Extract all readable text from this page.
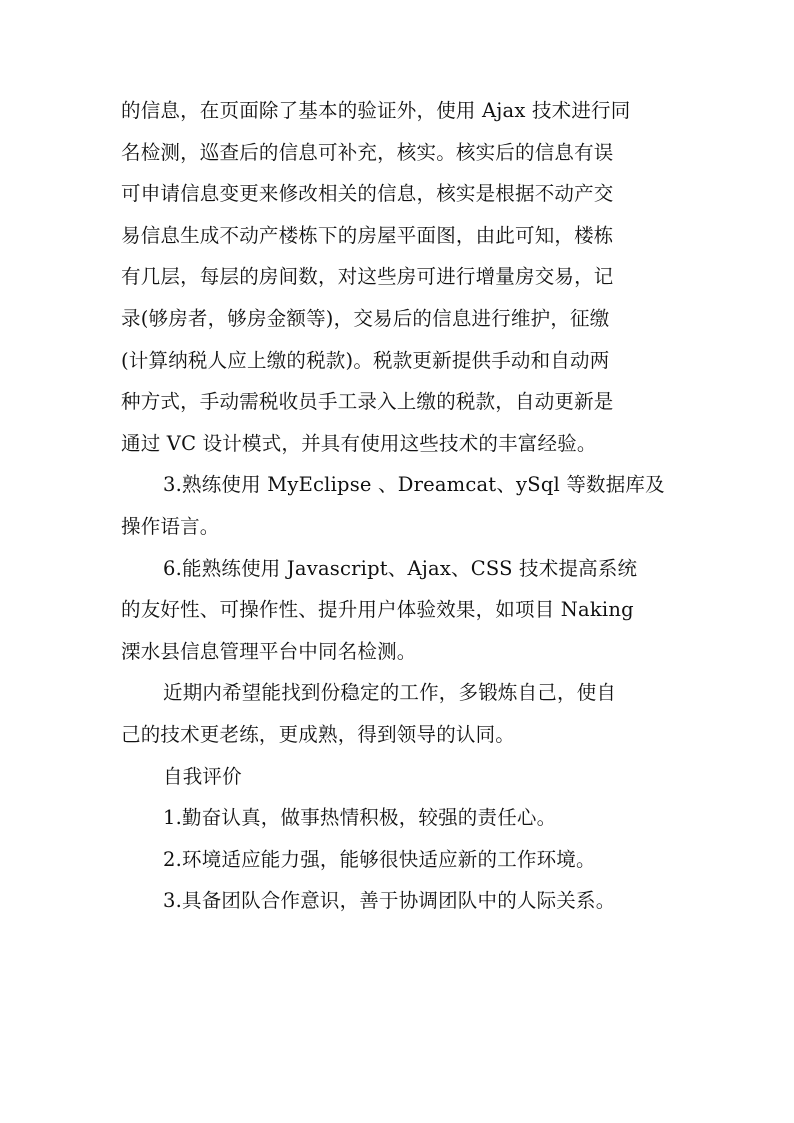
的信息，在页面除了基本的验证外，使用 Ajax 技术进行同
名检测，巡查后的信息可补充，核实。核实后的信息有误
可申请信息变更来修改相关的信息，核实是根据不动产交
易信息生成不动产楼栋下的房屋平面图，由此可知，楼栋
有几层，每层的房间数，对这些房可进行增量房交易，记
录(够房者，够房金额等)，交易后的信息进行维护，征缴
(计算纳税人应上缴的税款)。税款更新提供手动和自动两
种方式，手动需税收员手工录入上缴的税款，自动更新是
通过 VC 设计模式，并具有使用这些技术的丰富经验。

3.熟练使用 MyEclipse 、Dreamcat、ySql 等数据库及
操作语言。

6.能熟练使用 Javascript、Ajax、CSS 技术提高系统
的友好性、可操作性、提升用户体验效果，如项目 Naking
溧水县信息管理平台中同名检测。

近期内希望能找到份稳定的工作，多锻炼自己，使自
己的技术更老练，更成熟，得到领导的认同。

自我评价

1.勤奋认真，做事热情积极，较强的责任心。

2.环境适应能力强，能够很快适应新的工作环境。

3.具备团队合作意识，善于协调团队中的人际关系。
